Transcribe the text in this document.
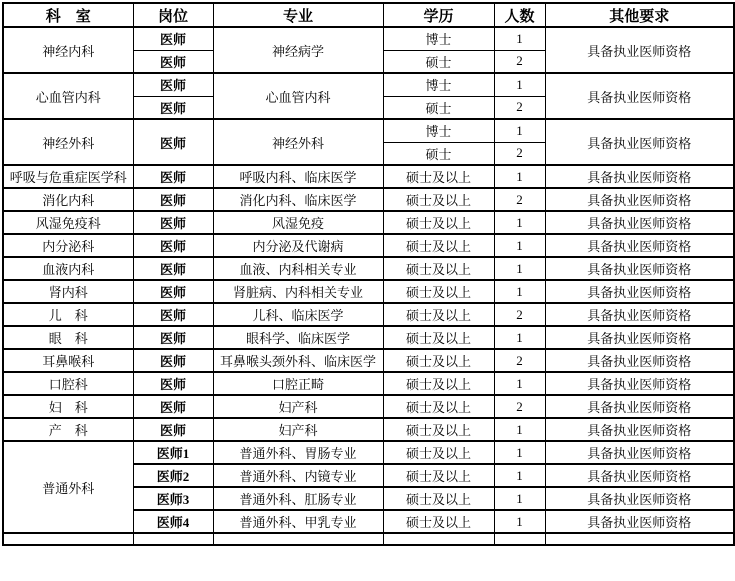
科　室	岗位	专业	学历	人数	其他要求
神经内科	医师	神经病学	博士	1	具备执业医师资格
	医师		硕士	2	
心血管内科	医师	心血管内科	博士	1	具备执业医师资格
	医师		硕士	2	
神经外科	医师	神经外科	博士	1	具备执业医师资格
			硕士	2	
呼吸与危重症医学科	医师	呼吸内科、临床医学	硕士及以上	1	具备执业医师资格
消化内科	医师	消化内科、临床医学	硕士及以上	2	具备执业医师资格
风湿免疫科	医师	风湿免疫	硕士及以上	1	具备执业医师资格
内分泌科	医师	内分泌及代谢病	硕士及以上	1	具备执业医师资格
血液内科	医师	血液、内科相关专业	硕士及以上	1	具备执业医师资格
肾内科	医师	肾脏病、内科相关专业	硕士及以上	1	具备执业医师资格
儿　科	医师	儿科、临床医学	硕士及以上	2	具备执业医师资格
眼　科	医师	眼科学、临床医学	硕士及以上	1	具备执业医师资格
耳鼻喉科	医师	耳鼻喉头颈外科、临床医学	硕士及以上	2	具备执业医师资格
口腔科	医师	口腔正畸	硕士及以上	1	具备执业医师资格
妇　科	医师	妇产科	硕士及以上	2	具备执业医师资格
产　科	医师	妇产科	硕士及以上	1	具备执业医师资格
普通外科	医师1	普通外科、胃肠专业	硕士及以上	1	具备执业医师资格
	医师2	普通外科、内镜专业	硕士及以上	1	具备执业医师资格
	医师3	普通外科、肛肠专业	硕士及以上	1	具备执业医师资格
	医师4	普通外科、甲乳专业	硕士及以上	1	具备执业医师资格
